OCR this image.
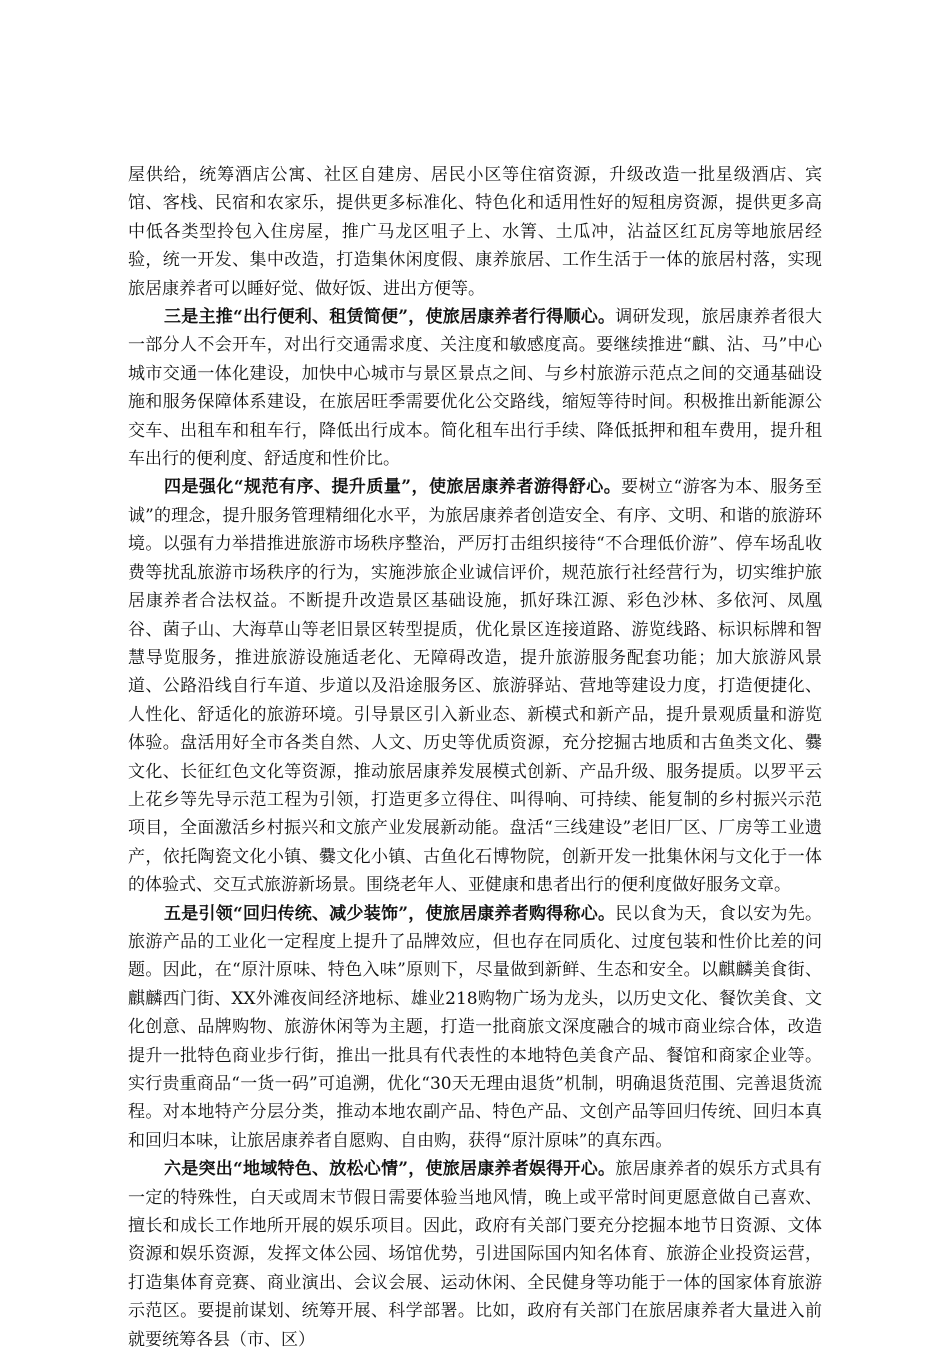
屋供给，统筹酒店公寓、社区自建房、居民小区等住宿资源，升级改造一批星级酒店、宾馆、客栈、民宿和农家乐，提供更多标准化、特色化和适用性好的短租房资源，提供更多高中低各类型拎包入住房屋，推广马龙区咀子上、水箐、土瓜冲，沾益区红瓦房等地旅居经验，统一开发、集中改造，打造集休闲度假、康养旅居、工作生活于一体的旅居村落，实现旅居康养者可以睡好觉、做好饭、进出方便等。

三是主推“出行便利、租赁简便”，使旅居康养者行得顺心。调研发现，旅居康养者很大一部分人不会开车，对出行交通需求度、关注度和敏感度高。要继续推进“麒、沾、马”中心城市交通一体化建设，加快中心城市与景区景点之间、与乡村旅游示范点之间的交通基础设施和服务保障体系建设，在旅居旺季需要优化公交路线，缩短等待时间。积极推出新能源公交车、出租车和租车行，降低出行成本。简化租车出行手续、降低抵押和租车费用，提升租车出行的便利度、舒适度和性价比。

四是强化“规范有序、提升质量”，使旅居康养者游得舒心。要树立“游客为本、服务至诚”的理念，提升服务管理精细化水平，为旅居康养者创造安全、有序、文明、和谐的旅游环境。以强有力举措推进旅游市场秩序整治，严厉打击组织接待“不合理低价游”、停车场乱收费等扰乱旅游市场秩序的行为，实施涉旅企业诚信评价，规范旅行社经营行为，切实维护旅居康养者合法权益。不断提升改造景区基础设施，抓好珠江源、彩色沙林、多依河、凤凰谷、菌子山、大海草山等老旧景区转型提质，优化景区连接道路、游览线路、标识标牌和智慧导览服务，推进旅游设施适老化、无障碍改造，提升旅游服务配套功能；加大旅游风景道、公路沿线自行车道、步道以及沿途服务区、旅游驿站、营地等建设力度，打造便捷化、人性化、舒适化的旅游环境。引导景区引入新业态、新模式和新产品，提升景观质量和游览体验。盘活用好全市各类自然、人文、历史等优质资源，充分挖掘古地质和古鱼类文化、爨文化、长征红色文化等资源，推动旅居康养发展模式创新、产品升级、服务提质。以罗平云上花乡等先导示范工程为引领，打造更多立得住、叫得响、可持续、能复制的乡村振兴示范项目，全面激活乡村振兴和文旅产业发展新动能。盘活“三线建设”老旧厂区、厂房等工业遗产，依托陶瓷文化小镇、爨文化小镇、古鱼化石博物院，创新开发一批集休闲与文化于一体的体验式、交互式旅游新场景。围绕老年人、亚健康和患者出行的便利度做好服务文章。

五是引领“回归传统、减少装饰”，使旅居康养者购得称心。民以食为天，食以安为先。旅游产品的工业化一定程度上提升了品牌效应，但也存在同质化、过度包装和性价比差的问题。因此，在“原汁原味、特色入味”原则下，尽量做到新鲜、生态和安全。以麒麟美食街、麒麟西门街、XX外滩夜间经济地标、雄业218购物广场为龙头，以历史文化、餐饮美食、文化创意、品牌购物、旅游休闲等为主题，打造一批商旅文深度融合的城市商业综合体，改造提升一批特色商业步行街，推出一批具有代表性的本地特色美食产品、餐馆和商家企业等。实行贵重商品“一货一码”可追溯，优化“30天无理由退货”机制，明确退货范围、完善退货流程。对本地特产分层分类，推动本地农副产品、特色产品、文创产品等回归传统、回归本真和回归本味，让旅居康养者自愿购、自由购，获得“原汁原味”的真东西。

六是突出“地域特色、放松心情”，使旅居康养者娱得开心。旅居康养者的娱乐方式具有一定的特殊性，白天或周末节假日需要体验当地风情，晚上或平常时间更愿意做自己喜欢、擅长和成长工作地所开展的娱乐项目。因此，政府有关部门要充分挖掘本地节日资源、文体资源和娱乐资源，发挥文体公园、场馆优势，引进国际国内知名体育、旅游企业投资运营，打造集体育竞赛、商业演出、会议会展、运动休闲、全民健身等功能于一体的国家体育旅游示范区。要提前谋划、统筹开展、科学部署。比如，政府有关部门在旅居康养者大量进入前就要统筹各县（市、区）
